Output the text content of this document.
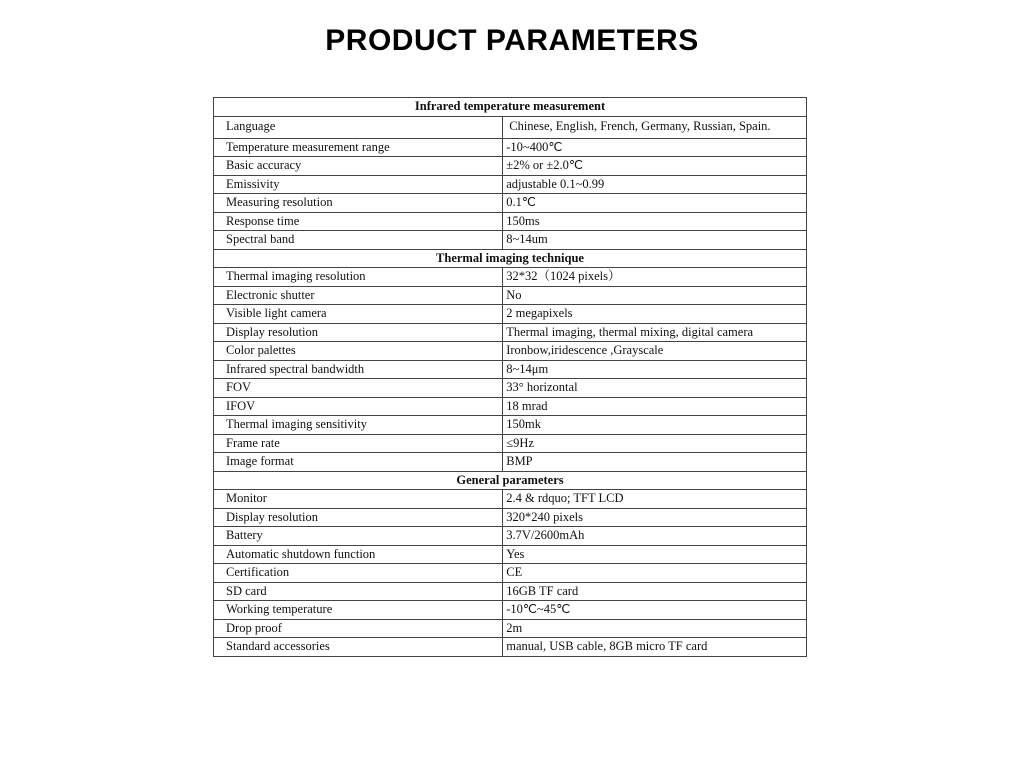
PRODUCT PARAMETERS
Infrared temperature measurement	
Language	Chinese, English, French, Germany, Russian, Spain.
Temperature measurement range	-10~400℃
Basic accuracy	±2% or ±2.0℃
Emissivity	adjustable 0.1~0.99
Measuring resolution	0.1℃
Response time	150ms
Spectral band	8~14um
Thermal imaging technique	
Thermal imaging resolution	32*32（1024 pixels）
Electronic shutter	No
Visible light camera	2 megapixels
Display resolution	Thermal imaging, thermal mixing, digital camera
Color palettes	Ironbow,iridescence ,Grayscale
Infrared spectral bandwidth	8~14μm
FOV	33° horizontal
IFOV	18 mrad
Thermal imaging sensitivity	150mk
Frame rate	≤9Hz
Image format	BMP
General parameters	
Monitor	2.4 & rdquo; TFT LCD
Display resolution	320*240 pixels
Battery	3.7V/2600mAh
Automatic shutdown function	Yes
Certification	CE
SD card	16GB TF card
Working temperature	-10℃~45℃
Drop proof	2m
Standard accessories	manual, USB cable, 8GB micro TF card
